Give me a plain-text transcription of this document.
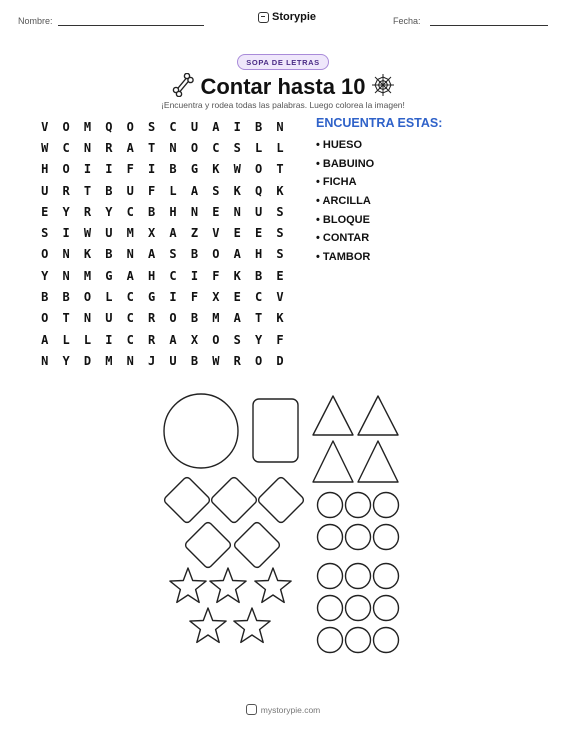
Nombre:	Storypie	Fecha:
SOPA DE LETRAS
Contar hasta 10
¡Encuentra y rodea todas las palabras. Luego colorea la imagen!
V	O	M	Q	O	S	C	U	A	I	B	N
W	C	N	R	A	T	N	O	C	S	L	L
H	O	I	I	F	I	B	G	K	W	O	T
U	R	T	B	U	F	L	A	S	K	Q	K
E	Y	R	Y	C	B	H	N	E	N	U	S
S	I	W	U	M	X	A	Z	V	E	E	S
O	N	K	B	N	A	S	B	O	A	H	S
Y	N	M	G	A	H	C	I	F	K	B	E
B	B	O	L	C	G	I	F	X	E	C	V
O	T	N	U	C	R	O	B	M	A	T	K
A	L	L	I	C	R	A	X	O	S	Y	F
N	Y	D	M	N	J	U	B	W	R	O	D
ENCUENTRA ESTAS:
• HUESO
• BABUINO
• FICHA
• ARCILLA
• BLOQUE
• CONTAR
• TAMBOR
mystorypie.com
